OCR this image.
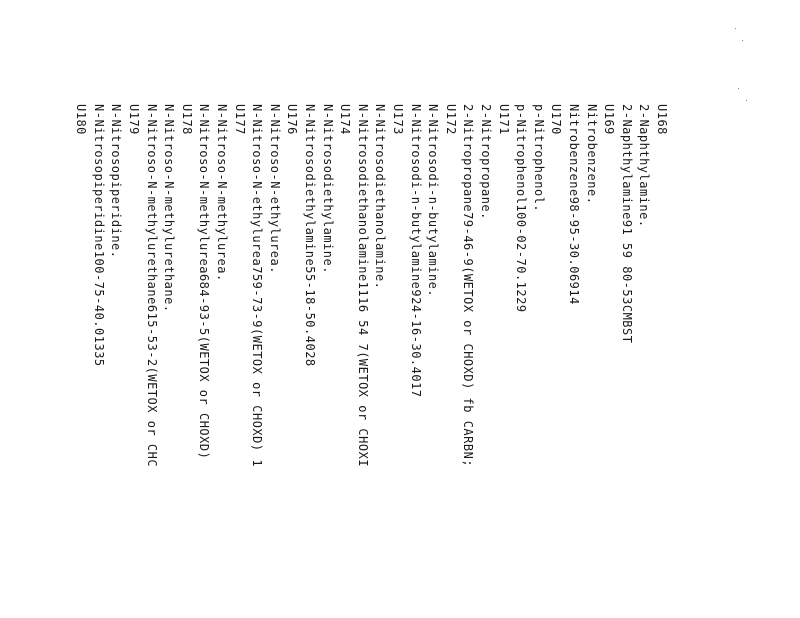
U168
2-Naphthylamine.
2-Naphthylamine91 59 80-53CMBST
U169
Nitrobenzene.
Nitrobenzene98-95-30.06914
U170
p-Nitrophenol.
p-Nitrophenol100-02-70.1229
U171
2-Nitropropane.
2-Nitropropane79-46-9(WETOX or CHOXD) fb CARBN;
U172
N-Nitrosodi-n-butylamine.
N-Nitrosodi-n-butylamine924-16-30.4017
U173
N-Nitrosodiethanolamine.
N-Nitrosodiethanolamine1116 54 7(WETOX or CHOXI
U174
N-Nitrosodiethylamine.
N-Nitrosodiethylamine55-18-50.4028
U176
N-Nitroso-N-ethylurea.
N-Nitroso-N-ethylurea759-73-9(WETOX or CHOXD) 1
U177
N-Nitroso-N-methylurea.
N-Nitroso-N-methylurea684-93-5(WETOX or CHOXD)
U178
N-Nitroso-N-methylurethane.
N-Nitroso-N-methylurethane615-53-2(WETOX or CHC
U179
N-Nitrosopiperidine.
N-Nitrosopiperidine100-75-40.01335
U180
